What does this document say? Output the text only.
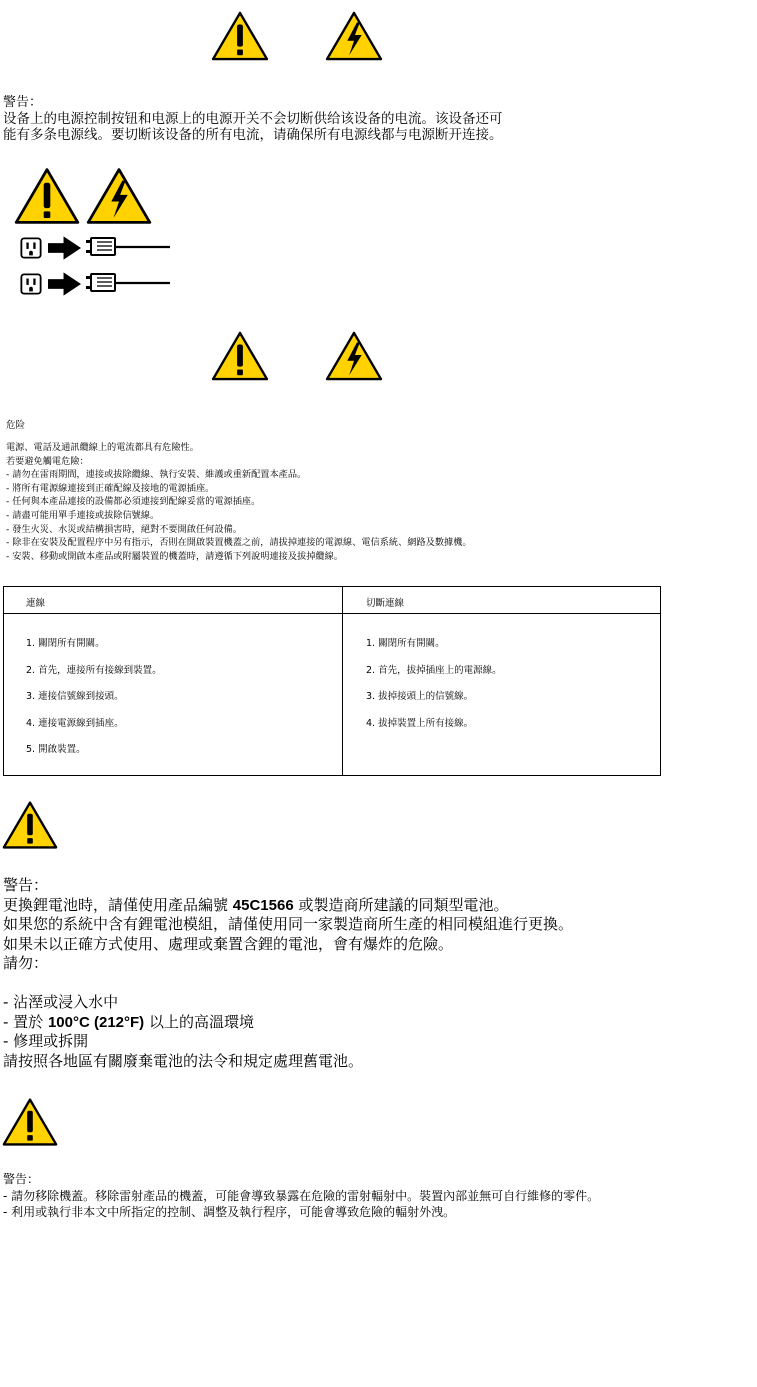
警告：
设备上的电源控制按钮和电源上的电源开关不会切断供给该设备的电流。该设备还可
能有多条电源线。要切断该设备的所有电流，请确保所有电源线都与电源断开连接。
危险
電源、電話及通訊纜線上的電流都具有危險性。
若要避免觸電危險：
- 請勿在雷雨期間，連接或拔除纜線、執行安裝、維護或重新配置本產品。
- 將所有電源線連接到正確配線及接地的電源插座。
- 任何與本產品連接的設備都必須連接到配線妥當的電源插座。
- 請盡可能用單手連接或拔除信號線。
- 發生火災、水災或結構損害時，絕對不要開啟任何設備。
- 除非在安裝及配置程序中另有指示，否則在開啟裝置機蓋之前，請拔掉連接的電源線、電信系統、網路及數據機。
- 安裝、移動或開啟本產品或附屬裝置的機蓋時，請遵循下列說明連接及拔掉纜線。
連線	切斷連線
1. 關閉所有開關。
2. 首先，連接所有接線到裝置。
3. 連接信號線到接頭。
4. 連接電源線到插座。
5. 開啟裝置。
1. 關閉所有開關。
2. 首先，拔掉插座上的電源線。
3. 拔掉接頭上的信號線。
4. 拔掉裝置上所有接線。
警告：
更換鋰電池時，請僅使用產品編號 45C1566 或製造商所建議的同類型電池。
如果您的系統中含有鋰電池模組，請僅使用同一家製造商所生產的相同模組進行更換。
如果未以正確方式使用、處理或棄置含鋰的電池，會有爆炸的危險。
請勿：
- 沾溼或浸入水中
- 置於 100°C (212°F) 以上的高溫環境
- 修理或拆開
請按照各地區有關廢棄電池的法令和規定處理舊電池。
警告：
- 請勿移除機蓋。移除雷射產品的機蓋，可能會導致暴露在危險的雷射輻射中。裝置內部並無可自行維修的零件。
- 利用或執行非本文中所指定的控制、調整及執行程序，可能會導致危險的輻射外洩。
